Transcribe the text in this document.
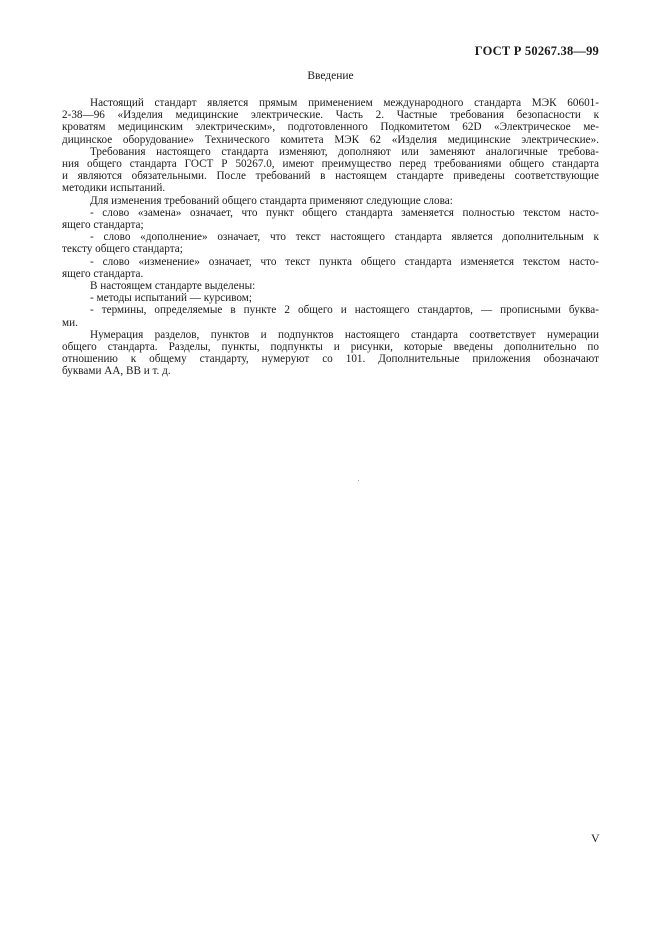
ГОСТ Р 50267.38—99
Введение
Настоящий стандарт является прямым применением международного стандарта МЭК 60601-
2-38—96 «Изделия медицинские электрические. Часть 2. Частные требования безопасности к
кроватям медицинским электрическим», подготовленного Подкомитетом 62D «Электрическое ме-
дицинское оборудование» Технического комитета МЭК 62 «Изделия медицинские электрические».
Требования настоящего стандарта изменяют, дополняют или заменяют аналогичные требова-
ния общего стандарта ГОСТ Р 50267.0, имеют преимущество перед требованиями общего стандарта
и являются обязательными. После требований в настоящем стандарте приведены соответствующие
методики испытаний.
Для изменения требований общего стандарта применяют следующие слова:
- слово «замена» означает, что пункт общего стандарта заменяется полностью текстом насто-
ящего стандарта;
- слово «дополнение» означает, что текст настоящего стандарта является дополнительным к
тексту общего стандарта;
- слово «изменение» означает, что текст пункта общего стандарта изменяется текстом насто-
ящего стандарта.
В настоящем стандарте выделены:
- методы испытаний — курсивом;
- термины, определяемые в пункте 2 общего и настоящего стандартов, — прописными буква-
ми.
Нумерация разделов, пунктов и подпунктов настоящего стандарта соответствует нумерации
общего стандарта. Разделы, пункты, подпункты и рисунки, которые введены дополнительно по
отношению к общему стандарту, нумеруют со 101. Дополнительные приложения обозначают
буквами АА, ВВ и т. д.
V
